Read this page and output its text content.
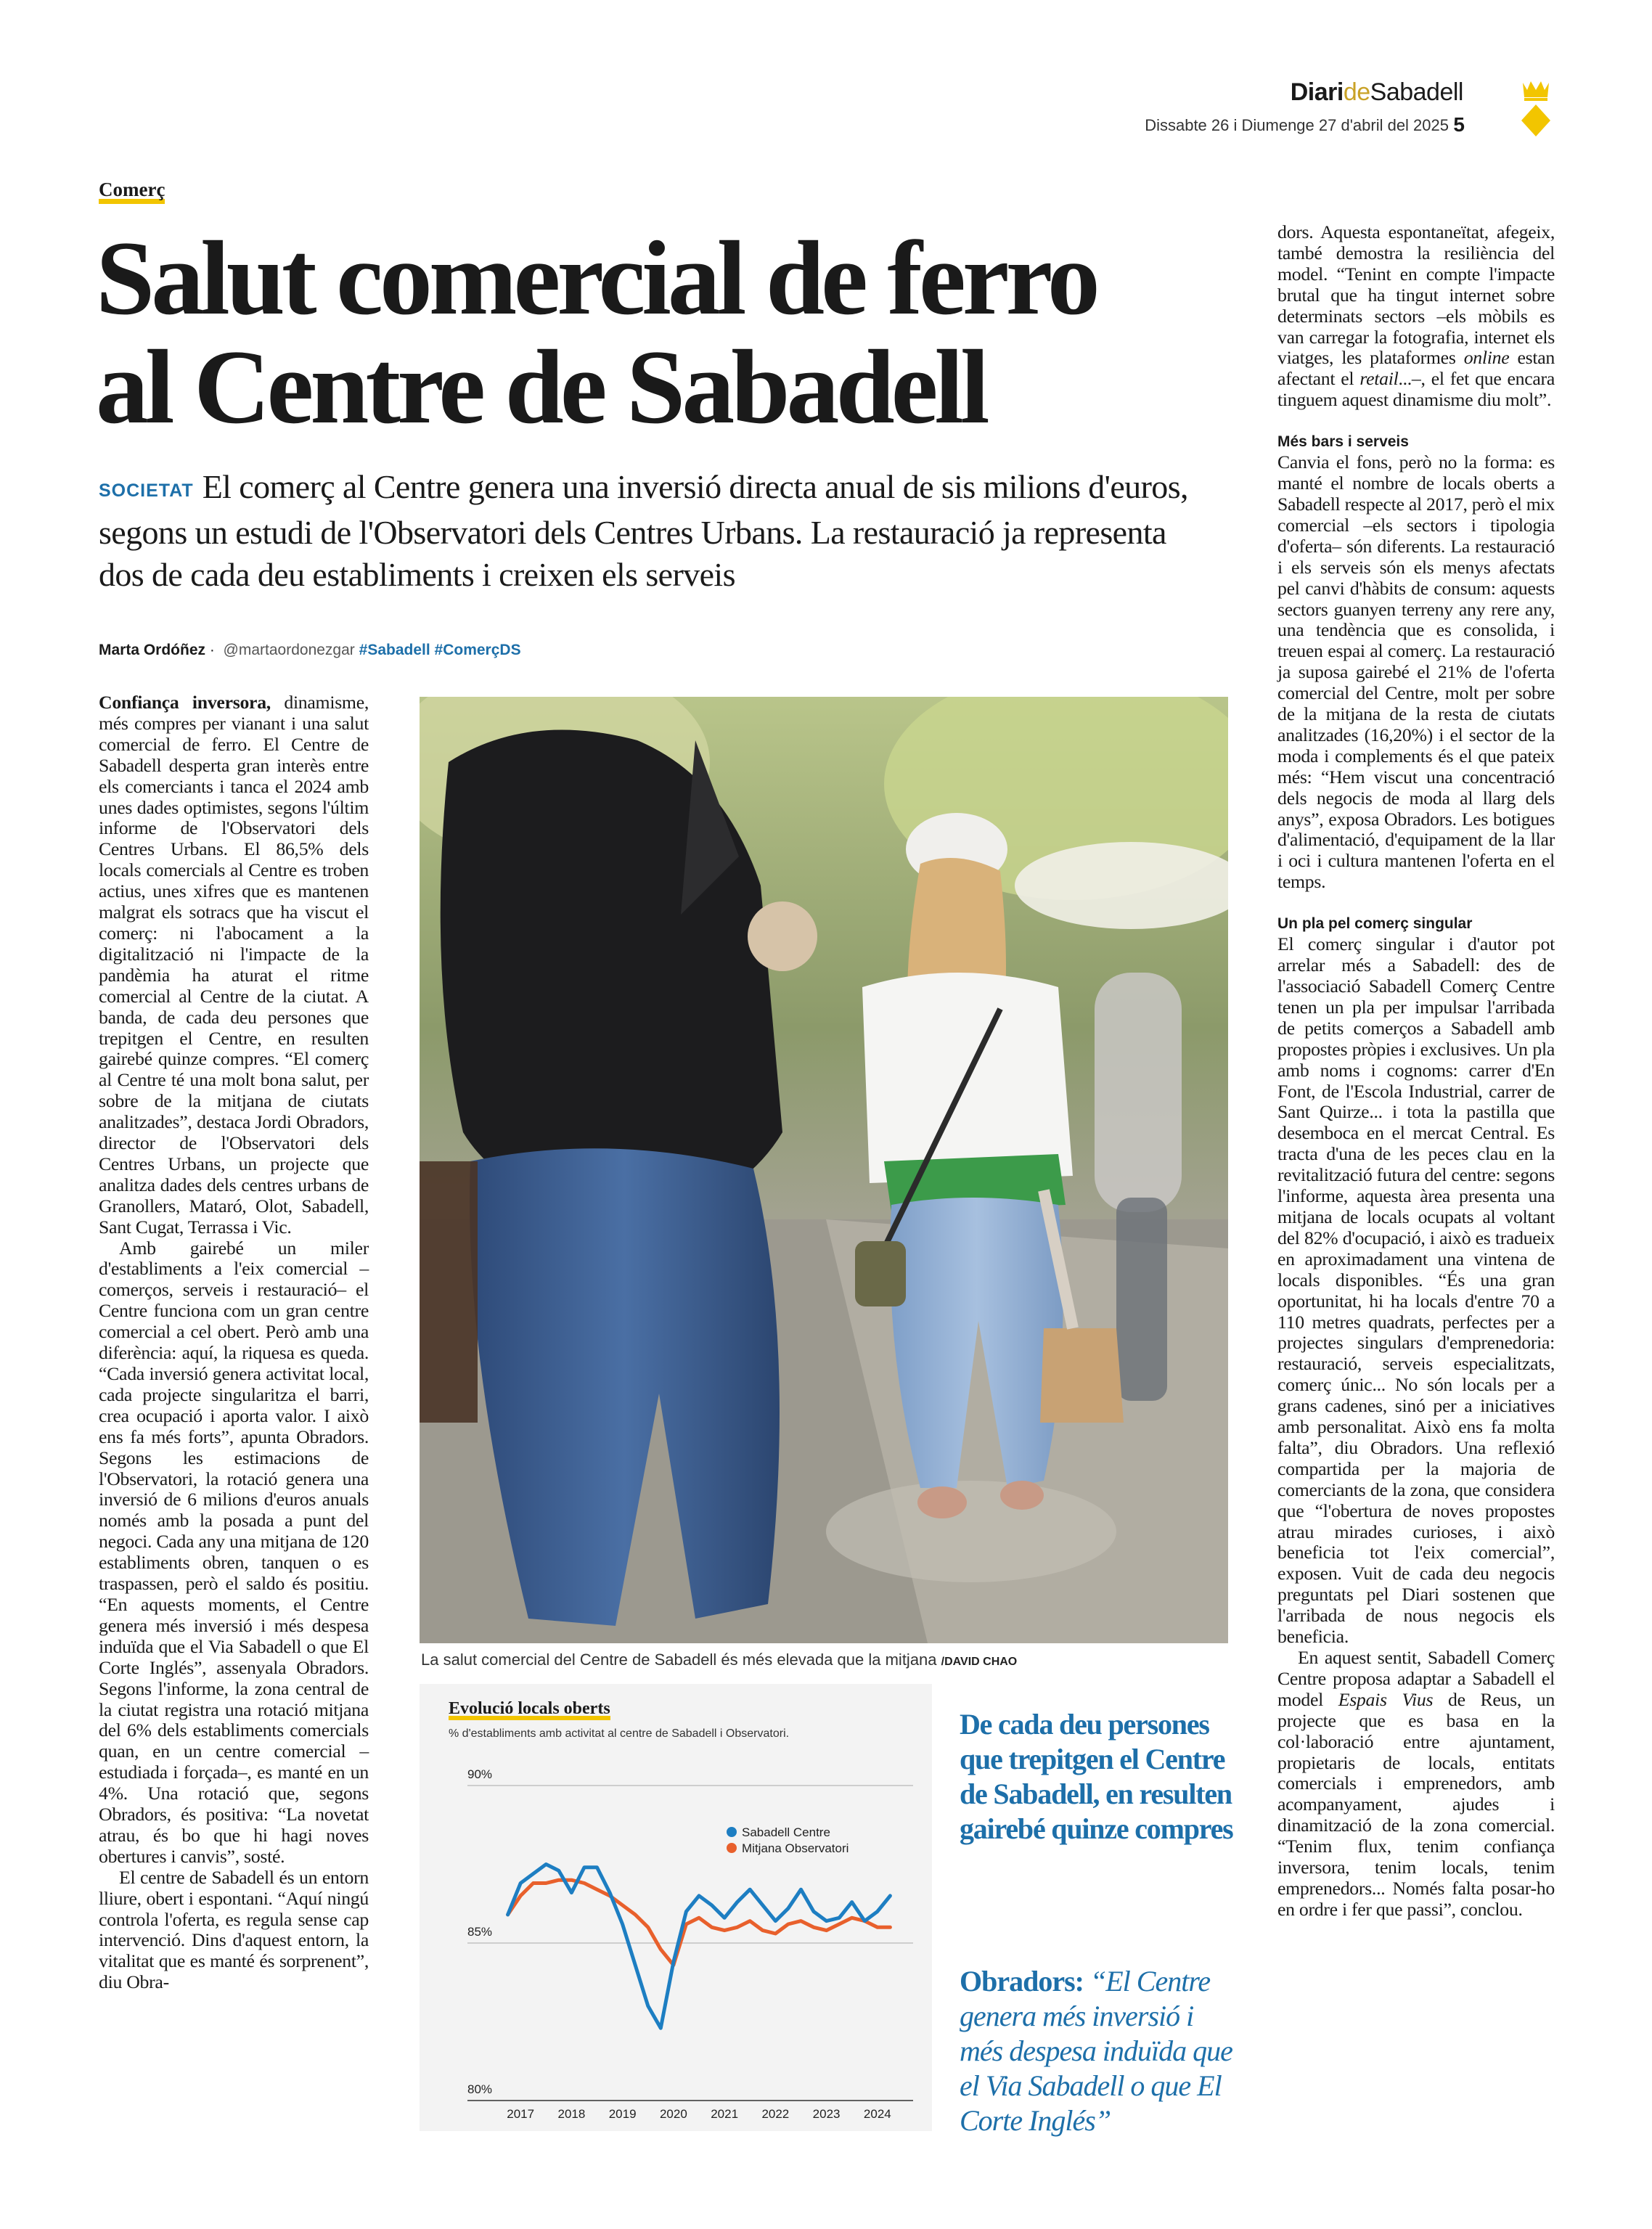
DiarideSabadell
Dissabte 26 i Diumenge 27 d'abril del 2025 5
Comerç
Salut comercial de ferro
al Centre de Sabadell

SOCIETAT El comerç al Centre genera una inversió directa anual de sis milions d'euros, segons un estudi de l'Observatori dels Centres Urbans. La restauració ja representa dos de cada deu establiments i creixen els serveis

Marta Ordóñez · @martaordonezgar #Sabadell #ComerçDS

Confiança inversora, dinamisme, més compres per vianant i una salut comercial de ferro. El Centre de Sabadell desperta gran interès entre els comerciants i tanca el 2024 amb unes dades optimistes, segons l'últim informe de l'Observatori dels Centres Urbans. El 86,5% dels locals comercials al Centre es troben actius, unes xifres que es mantenen malgrat els sotracs que ha viscut el comerç: ni l'abocament a la digitalització ni l'impacte de la pandèmia ha aturat el ritme comercial al Centre de la ciutat. A banda, de cada deu persones que trepitgen el Centre, en resulten gairebé quinze compres. “El comerç al Centre té una molt bona salut, per sobre de la mitjana de ciutats analitzades”, destaca Jordi Obradors, director de l'Observatori dels Centres Urbans, un projecte que analitza dades dels centres urbans de Granollers, Mataró, Olot, Sabadell, Sant Cugat, Terrassa i Vic.

Amb gairebé un miler d'establiments a l'eix comercial –comerços, serveis i restauració– el Centre funciona com un gran centre comercial a cel obert. Però amb una diferència: aquí, la riquesa es queda. “Cada inversió genera activitat local, cada projecte singularitza el barri, crea ocupació i aporta valor. I això ens fa més forts”, apunta Obradors. Segons les estimacions de l'Observatori, la rotació genera una inversió de 6 milions d'euros anuals només amb la posada a punt del negoci. Cada any una mitjana de 120 establiments obren, tanquen o es traspassen, però el saldo és positiu. “En aquests moments, el Centre genera més inversió i més despesa induïda que el Via Sabadell o que El Corte Inglés”, assenyala Obradors. Segons l'informe, la zona central de la ciutat registra una rotació mitjana del 6% dels establiments comercials quan, en un centre comercial –estudiada i forçada–, es manté en un 4%. Una rotació que, segons Obradors, és positiva: “La novetat atrau, és bo que hi hagi noves obertures i canvis”, sosté.

El centre de Sabadell és un entorn lliure, obert i espontani. “Aquí ningú controla l'oferta, es regula sense cap intervenció. Dins d'aquest entorn, la vitalitat que es manté és sorprenent”, diu Obra-

La salut comercial del Centre de Sabadell és més elevada que la mitjana /DAVID CHAO
Evolució locals oberts
% d'establiments amb activitat al centre de Sabadell i Observatori.
90%
85%
80%
2017 2018 2019 2020 2021 2022 2023 2024
Sabadell Centre
Mitjana Observatori

De cada deu persones que trepitgen el Centre de Sabadell, en resulten gairebé quinze compres

Obradors: “El Centre genera més inversió i més despesa induïda que el Via Sabadell o que El Corte Inglés”

dors. Aquesta espontaneïtat, afegeix, també demostra la resiliència del model. “Tenint en compte l'impacte brutal que ha tingut internet sobre determinats sectors –els mòbils es van carregar la fotografia, internet els viatges, les plataformes online estan afectant el retail...–, el fet que encara tinguem aquest dinamisme diu molt”.

Més bars i serveis

Canvia el fons, però no la forma: es manté el nombre de locals oberts a Sabadell respecte al 2017, però el mix comercial –els sectors i tipologia d'oferta– són diferents. La restauració i els serveis són els menys afectats pel canvi d'hàbits de consum: aquests sectors guanyen terreny any rere any, una tendència que es consolida, i treuen espai al comerç. La restauració ja suposa gairebé el 21% de l'oferta comercial del Centre, molt per sobre de la mitjana de la resta de ciutats analitzades (16,20%) i el sector de la moda i complements és el que pateix més: “Hem viscut una concentració dels negocis de moda al llarg dels anys”, exposa Obradors. Les botigues d'alimentació, d'equipament de la llar i oci i cultura mantenen l'oferta en el temps.

Un pla pel comerç singular

El comerç singular i d'autor pot arrelar més a Sabadell: des de l'associació Sabadell Comerç Centre tenen un pla per impulsar l'arribada de petits comerços a Sabadell amb propostes pròpies i exclusives. Un pla amb noms i cognoms: carrer d'En Font, de l'Escola Industrial, carrer de Sant Quirze... i tota la pastilla que desemboca en el mercat Central. Es tracta d'una de les peces clau en la revitalització futura del centre: segons l'informe, aquesta àrea presenta una mitjana de locals ocupats al voltant del 82% d'ocupació, i això es tradueix en aproximadament una vintena de locals disponibles. “És una gran oportunitat, hi ha locals d'entre 70 a 110 metres quadrats, perfectes per a projectes singulars d'emprenedoria: restauració, serveis especialitzats, comerç únic... No són locals per a grans cadenes, sinó per a iniciatives amb personalitat. Això ens fa molta falta”, diu Obradors. Una reflexió compartida per la majoria de comerciants de la zona, que considera que “l'obertura de noves propostes atrau mirades curioses, i això beneficia tot l'eix comercial”, exposen. Vuit de cada deu negocis preguntats pel Diari sostenen que l'arribada de nous negocis els beneficia.

En aquest sentit, Sabadell Comerç Centre proposa adaptar a Sabadell el model Espais Vius de Reus, un projecte que es basa en la col·laboració entre ajuntament, propietaris de locals, entitats comercials i emprenedors, amb acompanyament, ajudes i dinamització de la zona comercial. “Tenim flux, tenim confiança inversora, tenim locals, tenim emprenedors... Només falta posar-ho en ordre i fer que passi”, conclou.
